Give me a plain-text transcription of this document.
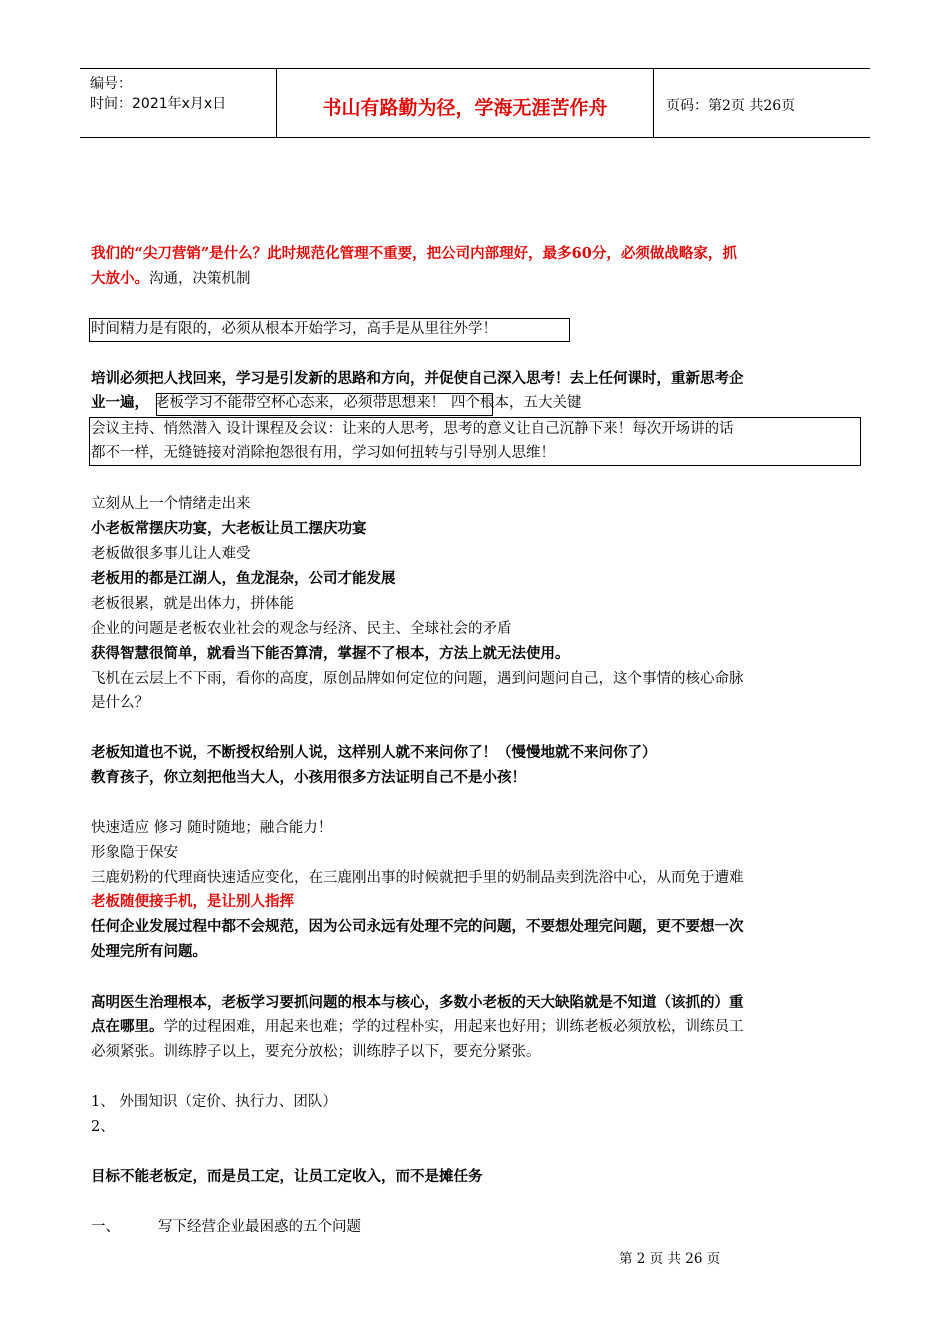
编号：
时间：2021年x月x日	书山有路勤为径，学海无涯苦作舟	页码：第2页 共26页
我们的“尖刀营销”是什么？此时规范化管理不重要，把公司内部理好，最多60分，必须做战略家，抓
大放小。沟通，决策机制
时间精力是有限的，必须从根本开始学习，高手是从里往外学！
培训必须把人找回来，学习是引发新的思路和方向，并促使自己深入思考！去上任何课时，重新思考企
业一遍， 老板学习不能带空杯心态来，必须带思想来！ 四个根本，五大关键
会议主持、悄然潜入 设计课程及会议：让来的人思考，思考的意义让自己沉静下来！每次开场讲的话
都不一样，无缝链接对消除抱怨很有用，学习如何扭转与引导别人思维！
立刻从上一个情绪走出来
小老板常摆庆功宴，大老板让员工摆庆功宴
老板做很多事儿让人难受
老板用的都是江湖人，鱼龙混杂，公司才能发展
老板很累，就是出体力，拼体能
企业的问题是老板农业社会的观念与经济、民主、全球社会的矛盾
获得智慧很简单，就看当下能否算清，掌握不了根本，方法上就无法使用。
飞机在云层上不下雨，看你的高度，原创品牌如何定位的问题，遇到问题问自己，这个事情的核心命脉
是什么？
老板知道也不说，不断授权给别人说，这样别人就不来问你了！（慢慢地就不来问你了）
教育孩子，你立刻把他当大人，小孩用很多方法证明自己不是小孩！
快速适应 修习 随时随地；融合能力！
形象隐于保安
三鹿奶粉的代理商快速适应变化，在三鹿刚出事的时候就把手里的奶制品卖到洗浴中心，从而免于遭难
老板随便接手机，是让别人指挥
任何企业发展过程中都不会规范，因为公司永远有处理不完的问题，不要想处理完问题，更不要想一次
处理完所有问题。
高明医生治理根本，老板学习要抓问题的根本与核心，多数小老板的天大缺陷就是不知道（该抓的）重
点在哪里。学的过程困难，用起来也难；学的过程朴实，用起来也好用；训练老板必须放松，训练员工
必须紧张。训练脖子以上，要充分放松；训练脖子以下，要充分紧张。
1、 外围知识（定价、执行力、团队）
2、
目标不能老板定，而是员工定，让员工定收入，而不是摊任务
一、	写下经营企业最困惑的五个问题
第 2 页 共 26 页
